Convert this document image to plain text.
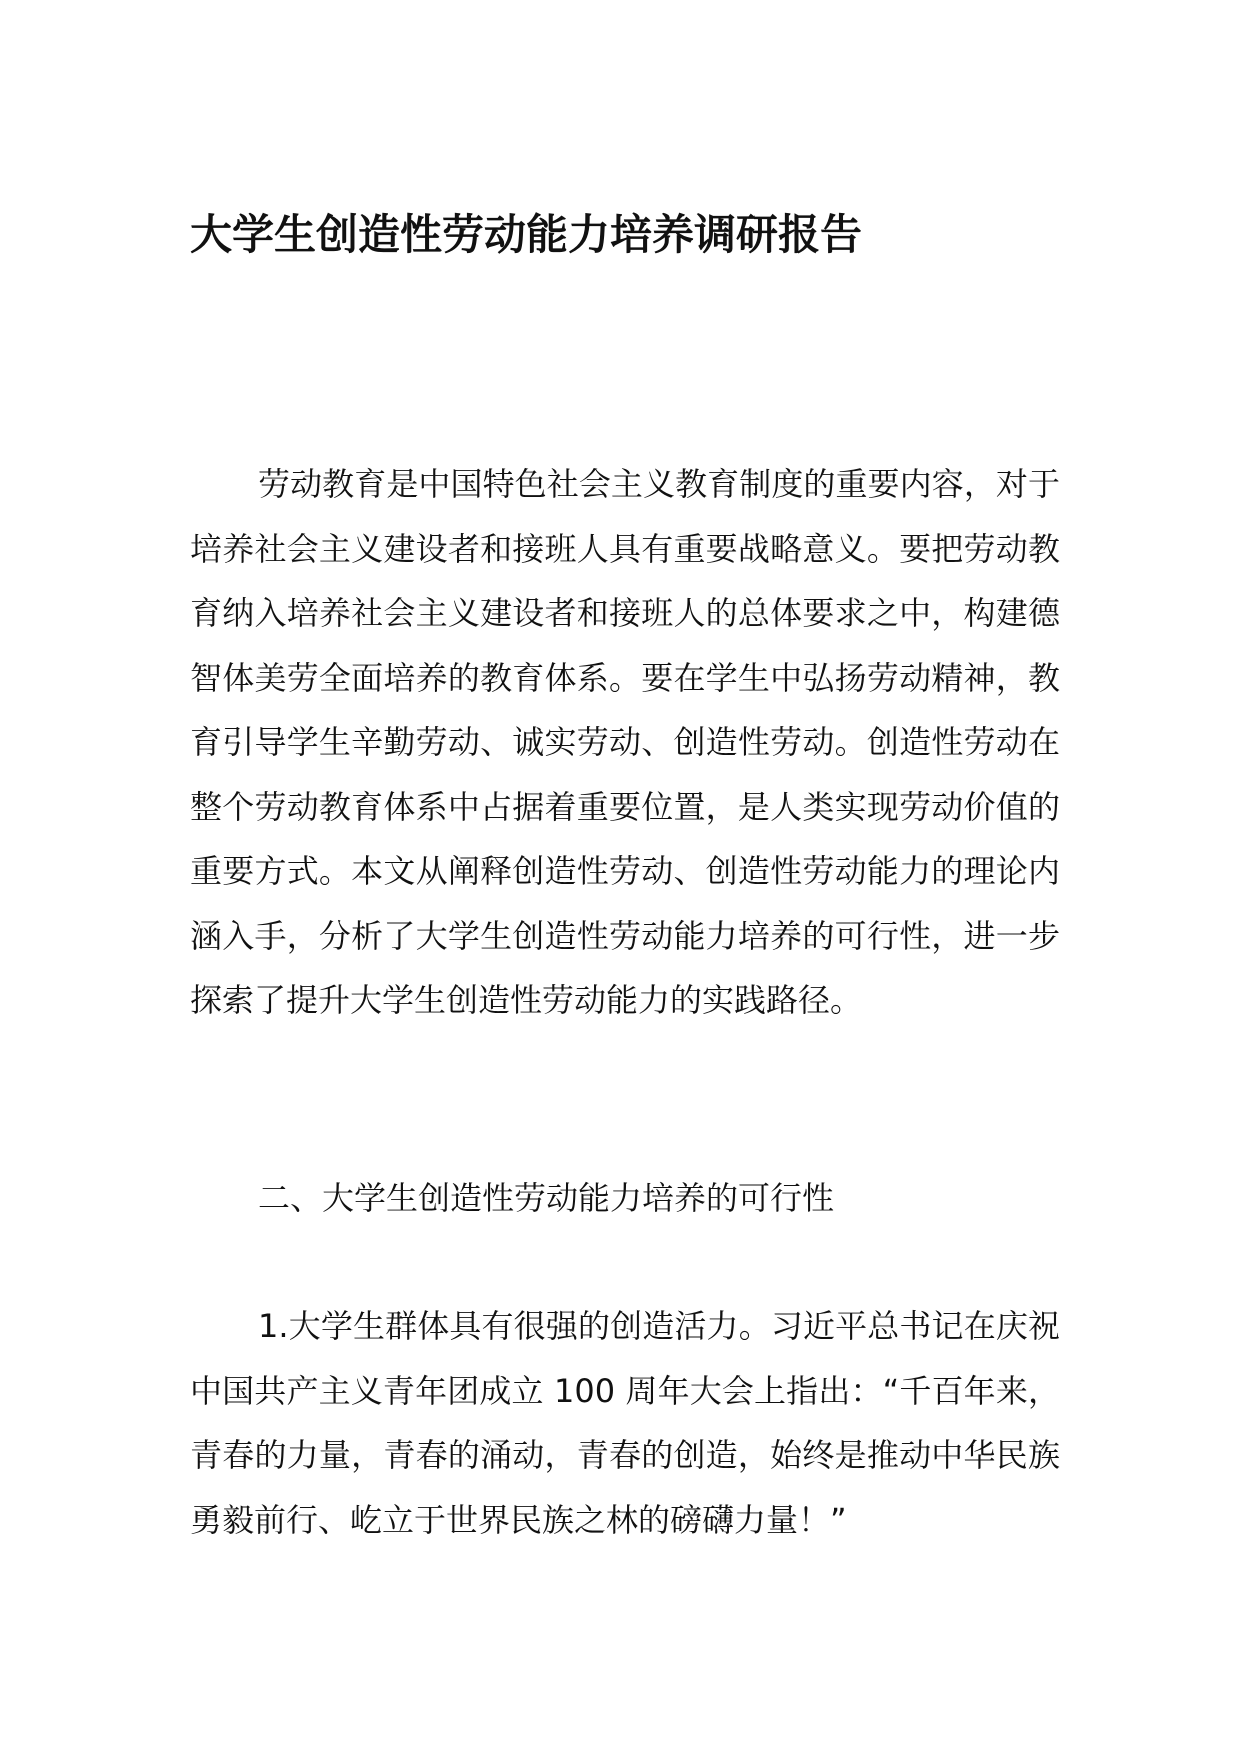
大学生创造性劳动能力培养调研报告

劳动教育是中国特色社会主义教育制度的重要内容，对于培养社会主义建设者和接班人具有重要战略意义。要把劳动教育纳入培养社会主义建设者和接班人的总体要求之中，构建德智体美劳全面培养的教育体系。要在学生中弘扬劳动精神，教育引导学生辛勤劳动、诚实劳动、创造性劳动。创造性劳动在整个劳动教育体系中占据着重要位置，是人类实现劳动价值的重要方式。本文从阐释创造性劳动、创造性劳动能力的理论内涵入手，分析了大学生创造性劳动能力培养的可行性，进一步探索了提升大学生创造性劳动能力的实践路径。

二、大学生创造性劳动能力培养的可行性

1.大学生群体具有很强的创造活力。习近平总书记在庆祝中国共产主义青年团成立 100 周年大会上指出：“千百年来，青春的力量，青春的涌动，青春的创造，始终是推动中华民族勇毅前行、屹立于世界民族之林的磅礴力量！”
